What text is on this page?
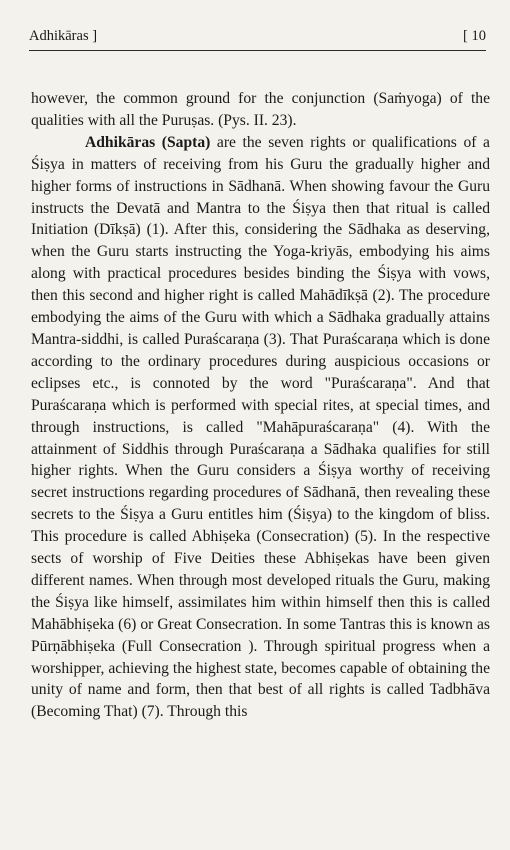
Adhikāras ]	[ 10

however, the common ground for the conjunction (Saṁyoga) of the qualities with all the Puruṣas. (Pys. II. 23).

Adhikāras (Sapta) are the seven rights or qualifications of a Śiṣya in matters of receiving from his Guru the gradually higher and higher forms of instructions in Sādhanā. When showing favour the Guru instructs the Devatā and Mantra to the Śiṣya then that ritual is called Initiation (Dīkṣā) (1). After this, considering the Sādhaka as deserving, when the Guru starts instructing the Yoga-kriyās, embodying his aims along with practical procedures besides binding the Śiṣya with vows, then this second and higher right is called Mahādīkṣā (2). The procedure embodying the aims of the Guru with which a Sādhaka gradually attains Mantra-siddhi, is called Puraścaraṇa (3). That Puraścaraṇa which is done according to the ordinary procedures during auspicious occasions or eclipses etc., is connoted by the word "Puraścaraṇa". And that Puraścaraṇa which is performed with special rites, at special times, and through instructions, is called "Mahāpuraścaraṇa" (4). With the attainment of Siddhis through Puraścaraṇa a Sādhaka qualifies for still higher rights. When the Guru considers a Śiṣya worthy of receiving secret instructions regarding procedures of Sādhanā, then revealing these secrets to the Śiṣya a Guru entitles him (Śiṣya) to the kingdom of bliss. This procedure is called Abhiṣeka (Consecration) (5). In the respective sects of worship of Five Deities these Abhiṣekas have been given different names. When through most developed rituals the Guru, making the Śiṣya like himself, assimilates him within himself then this is called Mahābhiṣeka (6) or Great Consecration. In some Tantras this is known as Pūrṇābhiṣeka (Full Consecration ). Through spiritual progress when a worshipper, achieving the highest state, becomes capable of obtaining the unity of name and form, then that best of all rights is called Tadbhāva (Becoming That) (7). Through this
